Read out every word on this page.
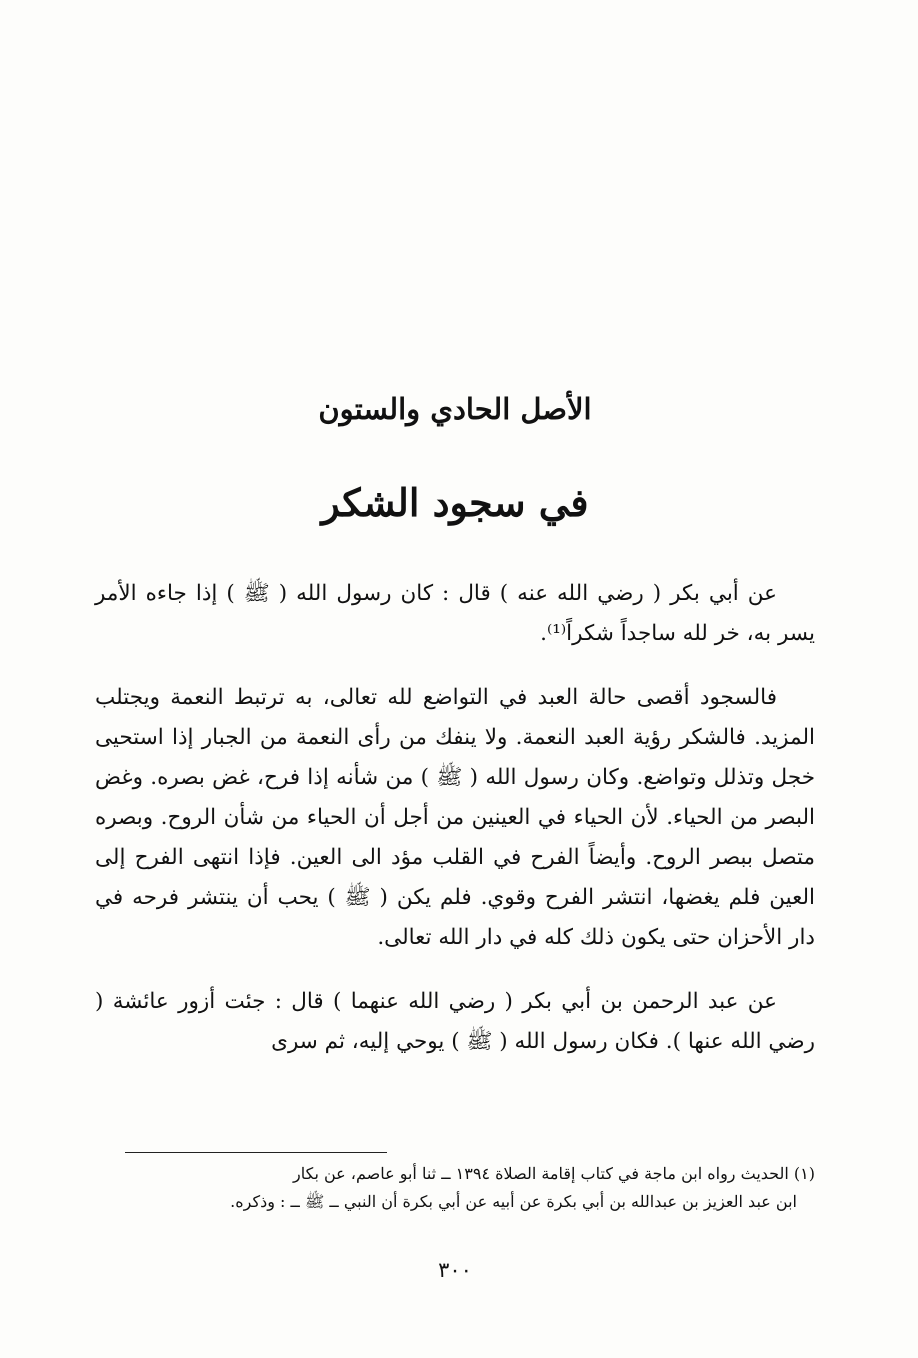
الأصل الحادي والستون
في سجود الشكر

عن أبي بكر ( رضي الله عنه ) قال : كان رسول الله ( ﷺ ) إذا جاءه الأمر يسر به، خر لله ساجداً شكراً⁽¹⁾.

فالسجود أقصى حالة العبد في التواضع لله تعالى، به ترتبط النعمة ويجتلب المزيد. فالشكر رؤية العبد النعمة. ولا ينفك من رأى النعمة من الجبار إذا استحيى خجل وتذلل وتواضع. وكان رسول الله ( ﷺ ) من شأنه إذا فرح، غض بصره. وغض البصر من الحياء. لأن الحياء في العينين من أجل أن الحياء من شأن الروح. وبصره متصل ببصر الروح. وأيضاً الفرح في القلب مؤد الى العين. فإذا انتهى الفرح إلى العين فلم يغضها، انتشر الفرح وقوي. فلم يكن ( ﷺ ) يحب أن ينتشر فرحه في دار الأحزان حتى يكون ذلك كله في دار الله تعالى.

عن عبد الرحمن بن أبي بكر ( رضي الله عنهما ) قال : جئت أزور عائشة ( رضي الله عنها ). فكان رسول الله ( ﷺ ) يوحي إليه، ثم سرى

(١) الحديث رواه ابن ماجة في كتاب إقامة الصلاة ١٣٩٤ ــ ثنا أبو عاصم، عن بكار

ابن عبد العزيز بن عبدالله بن أبي بكرة عن أبيه عن أبي بكرة أن النبي ــ ﷺ ــ : وذكره.

٣٠٠
